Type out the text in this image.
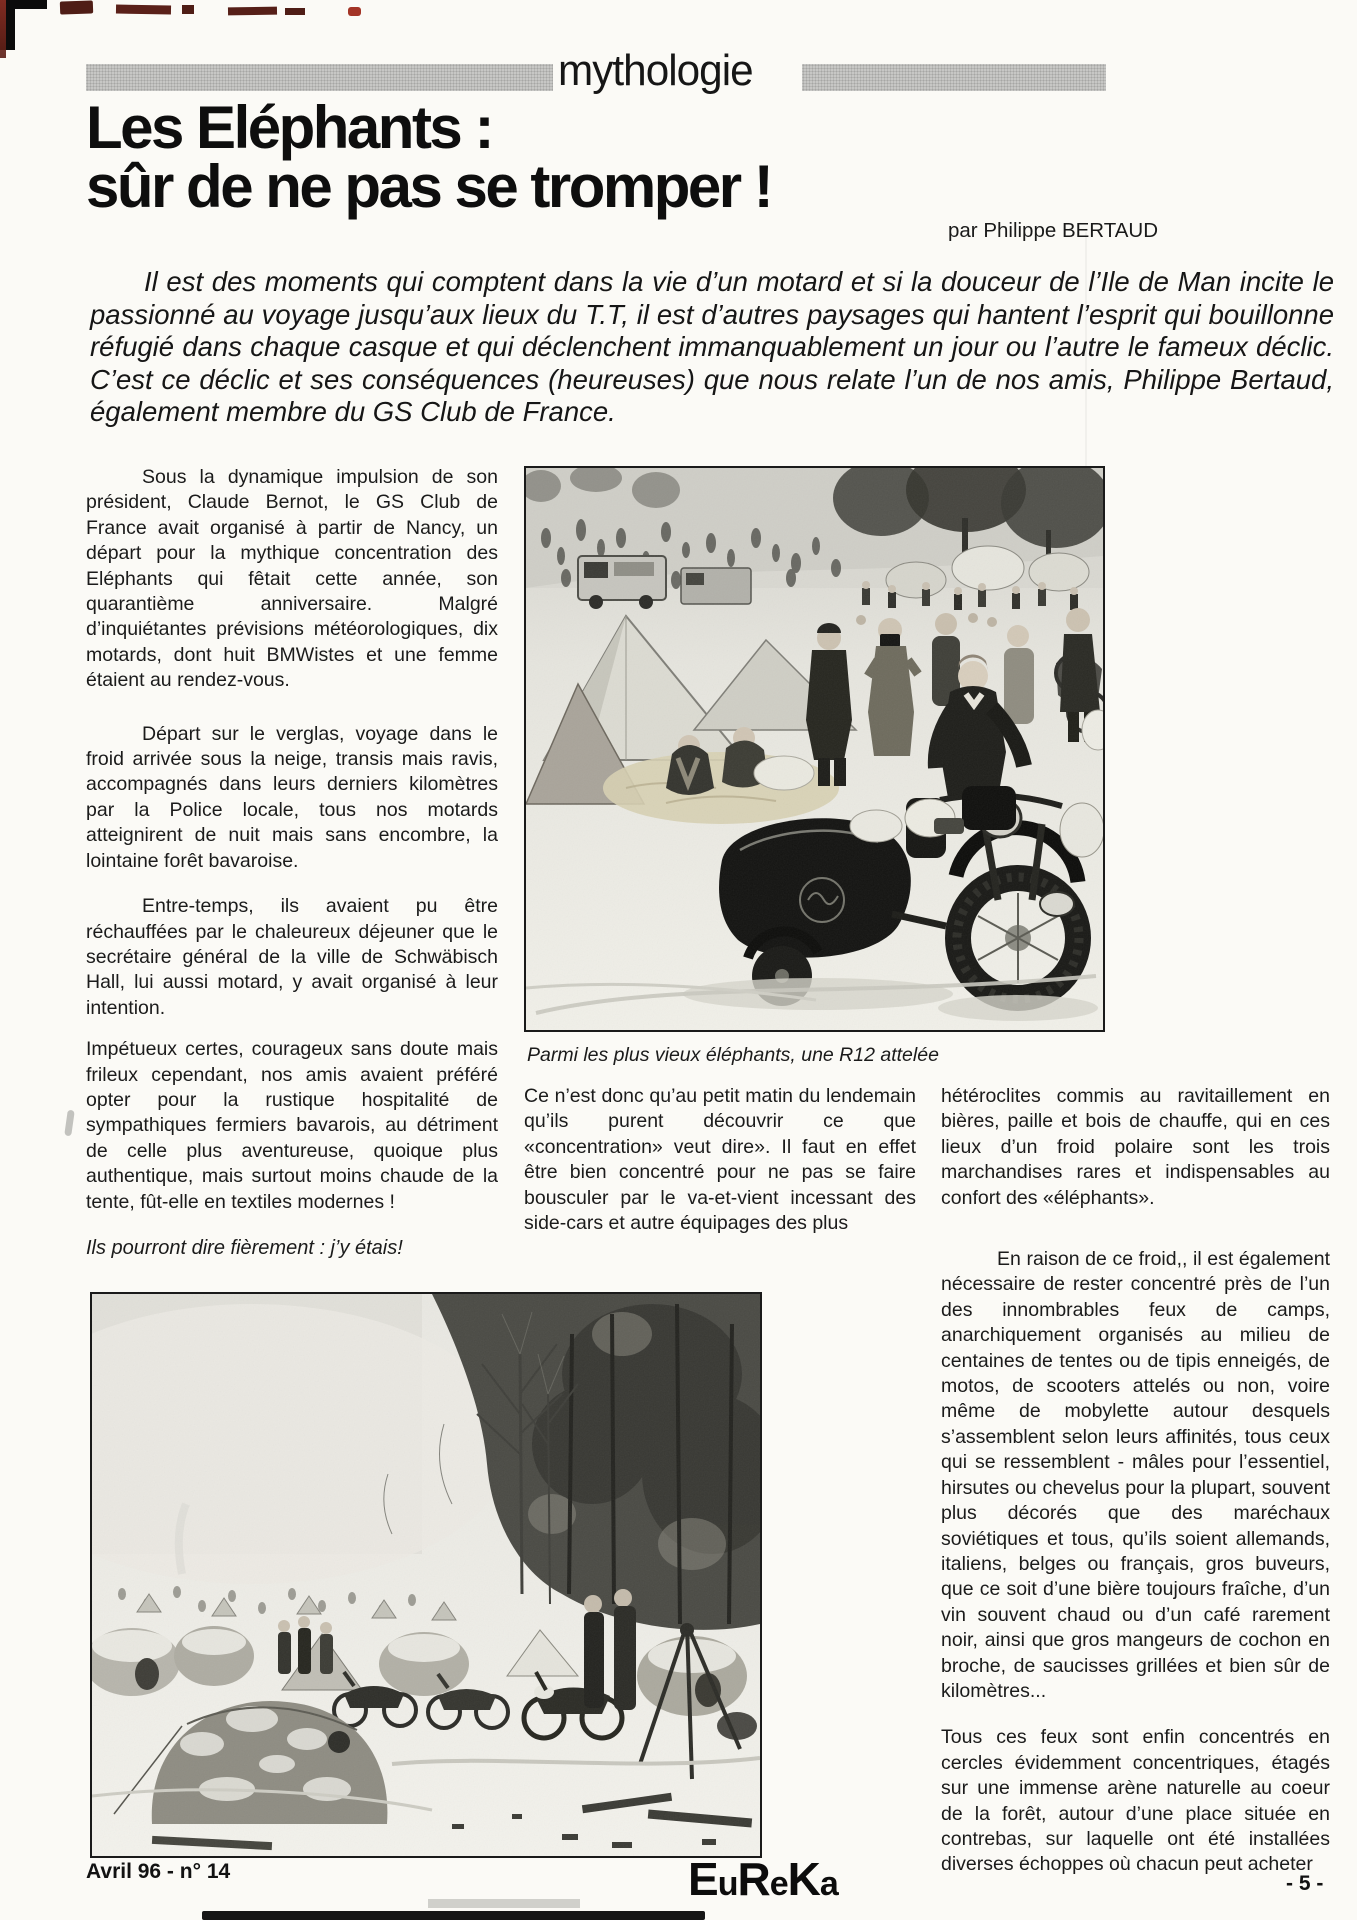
mythologie
Les Eléphants :
sûr de ne pas se tromper !
par Philippe BERTAUD
Il est des moments qui comptent dans la vie d’un motard et si la douceur de l’Ile de Man incite le passionné au voyage jusqu’aux lieux du T.T, il est d’autres paysages qui hantent l’esprit qui bouillonne réfugié dans chaque casque et qui déclenchent immanquablement un jour ou l’autre le fameux déclic. C’est ce déclic et ses conséquences (heureuses) que nous relate l’un de nos amis, Philippe Bertaud, également membre du GS Club de France.

Sous la dynamique impulsion de son président, Claude Bernot, le GS Club de France avait organisé à partir de Nancy, un départ pour la mythique concentration des Eléphants qui fêtait cette année, son quarantième anniversaire. Malgré d’inquiétantes prévisions météorologiques, dix motards, dont huit BMWistes et une femme étaient au rendez-vous.

Départ sur le verglas, voyage dans le froid arrivée sous la neige, transis mais ravis, accompagnés dans leurs derniers kilomètres par la Police locale, tous nos motards atteignirent de nuit mais sans encombre, la lointaine forêt bavaroise.

Entre-temps, ils avaient pu être réchauffées par le chaleureux déjeuner que le secrétaire général de la ville de Schwäbisch Hall, lui aussi motard, y avait organisé à leur intention.

Impétueux certes, courageux sans doute mais frileux cependant, nos amis avaient préféré opter pour la rustique hospitalité de sympathiques fermiers bavarois, au détriment de celle plus aventureuse, quoique plus authentique, mais surtout moins chaude de la tente, fût-elle en textiles modernes !

Ils pourront dire fièrement : j’y étais!

Parmi les plus vieux éléphants, une R12 attelée

Ce n’est donc qu’au petit matin du lendemain qu’ils purent découvrir ce que «concentration» veut dire». Il faut en effet être bien concentré pour ne pas se faire bousculer par le va-et-vient incessant des side-cars et autre équipages des plus

hétéroclites commis au ravitaillement en bières, paille et bois de chauffe, qui en ces lieux d’un froid polaire sont les trois marchandises rares et indispensables au confort des «éléphants».

En raison de ce froid,, il est également nécessaire de rester concentré près de l’un des innombrables feux de camps, anarchiquement organisés au milieu de centaines de tentes ou de tipis enneigés, de motos, de scooters attelés ou non, voire même de mobylette autour desquels s’assemblent selon leurs affinités, tous ceux qui se ressemblent - mâles pour l’essentiel, hirsutes ou chevelus pour la plupart, souvent plus décorés que des maréchaux soviétiques et tous, qu’ils soient allemands, italiens, belges ou français, gros buveurs, que ce soit d’une bière toujours fraîche, d’un vin souvent chaud ou d’un café rarement noir, ainsi que gros mangeurs de cochon en broche, de saucisses grillées et bien sûr de kilomètres...

Tous ces feux sont enfin concentrés en cercles évidemment concentriques, étagés sur une immense arène naturelle au coeur de la forêt, autour d’une place située en contrebas, sur laquelle ont été installées diverses échoppes où chacun peut acheter

Avril 96 - n° 14	EuReKa	- 5 -
